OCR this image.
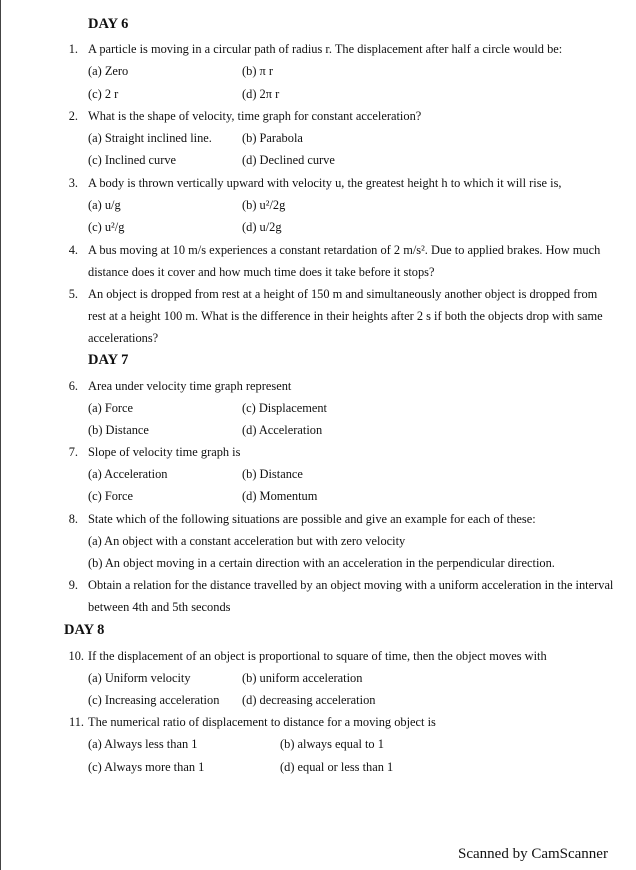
DAY 6
1. A particle is moving in a circular path of radius r. The displacement after half a circle would be:
(a) Zero	(b) π r
(c) 2 r	(d) 2π r
2. What is the shape of velocity, time graph for constant acceleration?
(a) Straight inclined line. (b) Parabola
(c) Inclined curve	(d) Declined curve
3. A body is thrown vertically upward with velocity u, the greatest height h to which it will rise is,
(a) u/g	(b) u²/2g
(c) u²/g	(d) u/2g
4. A bus moving at 10 m/s experiences a constant retardation of 2 m/s². Due to applied brakes. How much
distance does it cover and how much time does it take before it stops?
5. An object is dropped from rest at a height of 150 m and simultaneously another object is dropped from
rest at a height 100 m. What is the difference in their heights after 2 s if both the objects drop with same
accelerations?
DAY 7
6. Area under velocity time graph represent
(a) Force	(c) Displacement
(b) Distance	(d) Acceleration
7. Slope of velocity time graph is
(a) Acceleration	(b) Distance
(c) Force	(d) Momentum
8. State which of the following situations are possible and give an example for each of these:
(a) An object with a constant acceleration but with zero velocity
(b) An object moving in a certain direction with an acceleration in the perpendicular direction.
9. Obtain a relation for the distance travelled by an object moving with a uniform acceleration in the interval
between 4th and 5th seconds
DAY 8
10. If the displacement of an object is proportional to square of time, then the object moves with
(a) Uniform velocity	(b) uniform acceleration
(c) Increasing acceleration (d) decreasing acceleration
11. The numerical ratio of displacement to distance for a moving object is
(a) Always less than 1	(b) always equal to 1
(c) Always more than 1	(d) equal or less than 1
Scanned by CamScanner
